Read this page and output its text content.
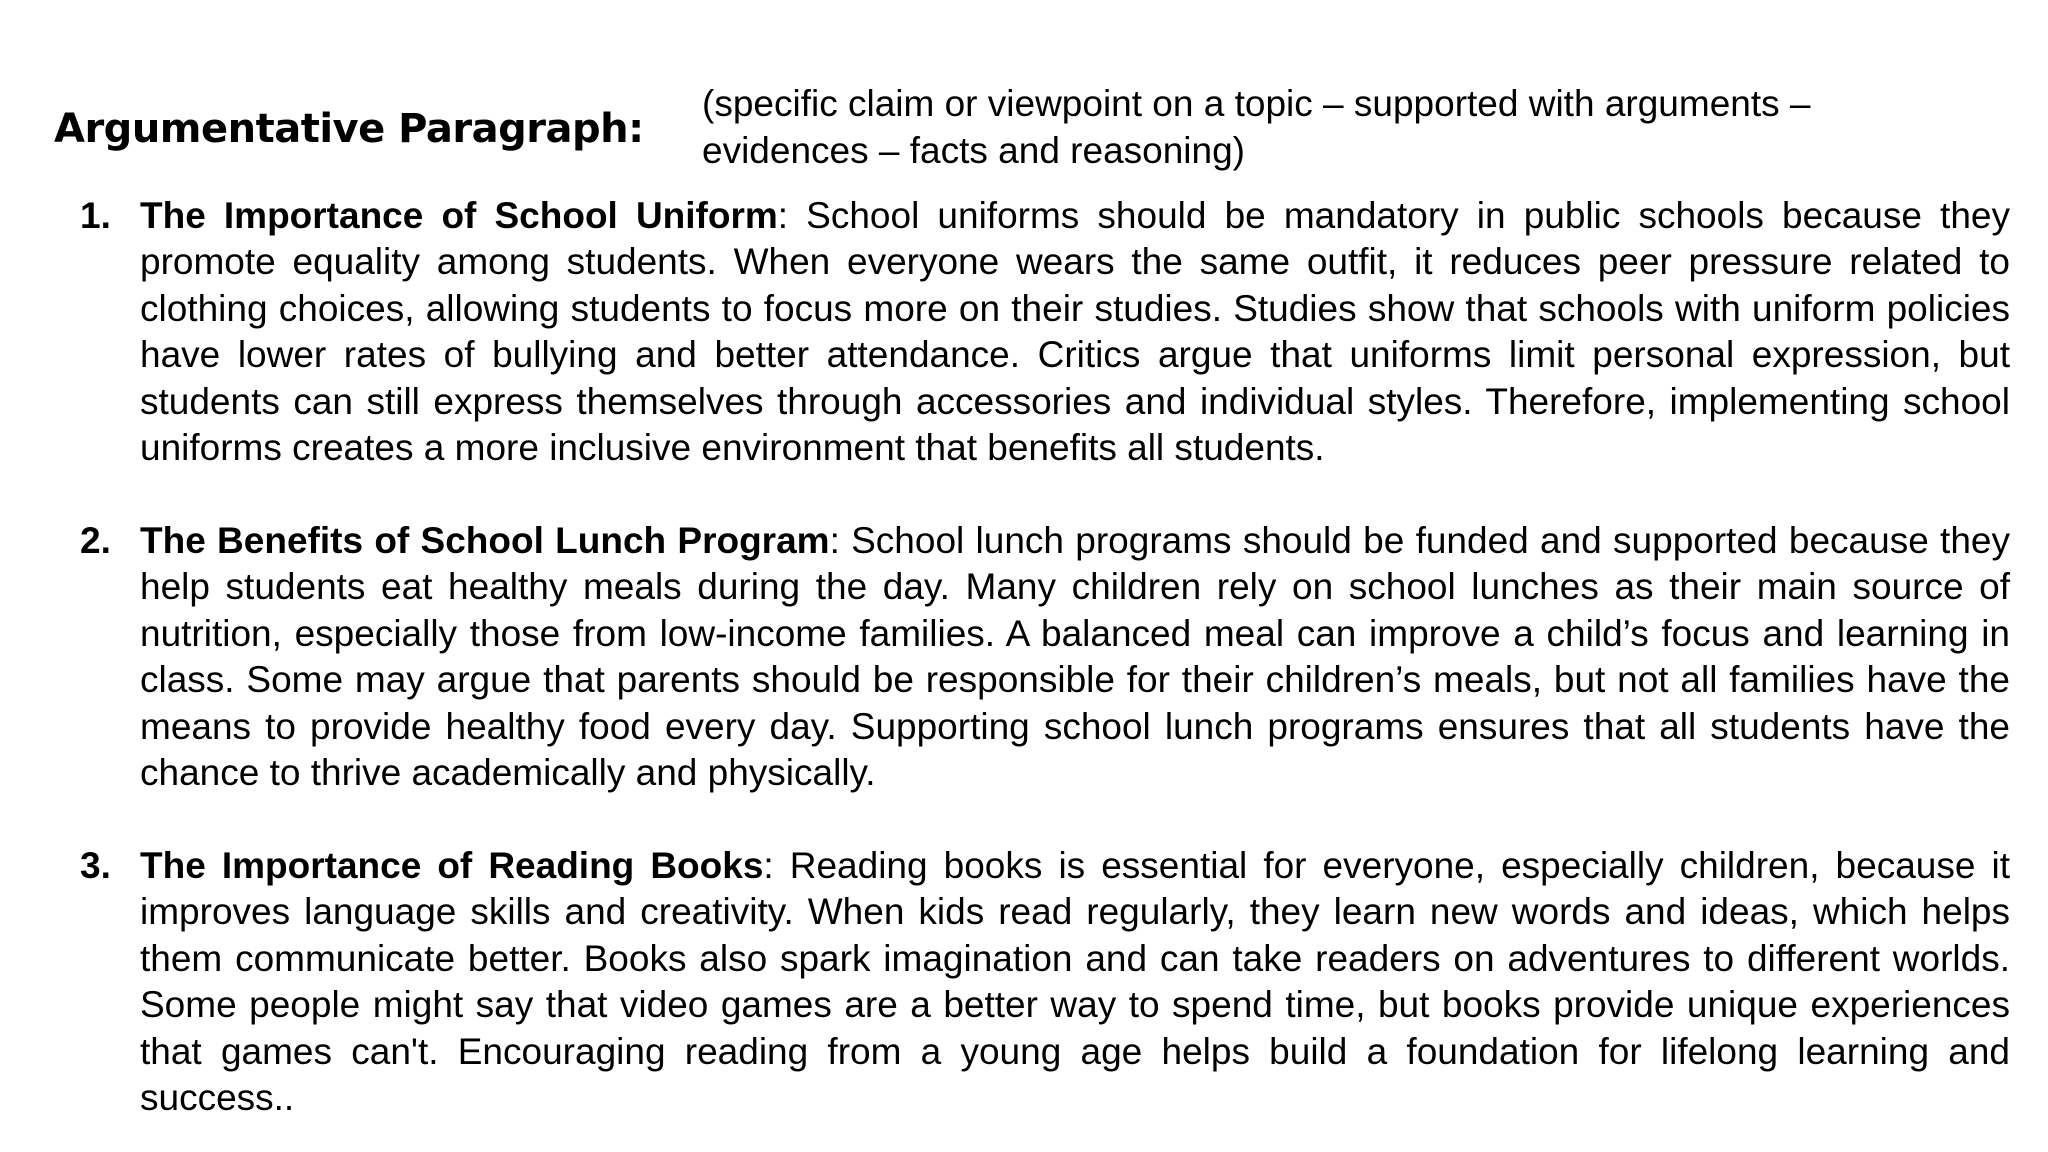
Argumentative Paragraph:
(specific claim or viewpoint on a topic – supported with arguments – evidences – facts and reasoning)
1. The Importance of School Uniform: School uniforms should be mandatory in public schools because they promote equality among students. When everyone wears the same outfit, it reduces peer pressure related to clothing choices, allowing students to focus more on their studies. Studies show that schools with uniform policies have lower rates of bullying and better attendance. Critics argue that uniforms limit personal expression, but students can still express themselves through accessories and individual styles. Therefore, implementing school uniforms creates a more inclusive environment that benefits all students.
2. The Benefits of School Lunch Program: School lunch programs should be funded and supported because they help students eat healthy meals during the day. Many children rely on school lunches as their main source of nutrition, especially those from low-income families. A balanced meal can improve a child’s focus and learning in class. Some may argue that parents should be responsible for their children’s meals, but not all families have the means to provide healthy food every day. Supporting school lunch programs ensures that all students have the chance to thrive academically and physically.
3. The Importance of Reading Books: Reading books is essential for everyone, especially children, because it improves language skills and creativity. When kids read regularly, they learn new words and ideas, which helps them communicate better. Books also spark imagination and can take readers on adventures to different worlds. Some people might say that video games are a better way to spend time, but books provide unique experiences that games can't. Encouraging reading from a young age helps build a foundation for lifelong learning and success..
